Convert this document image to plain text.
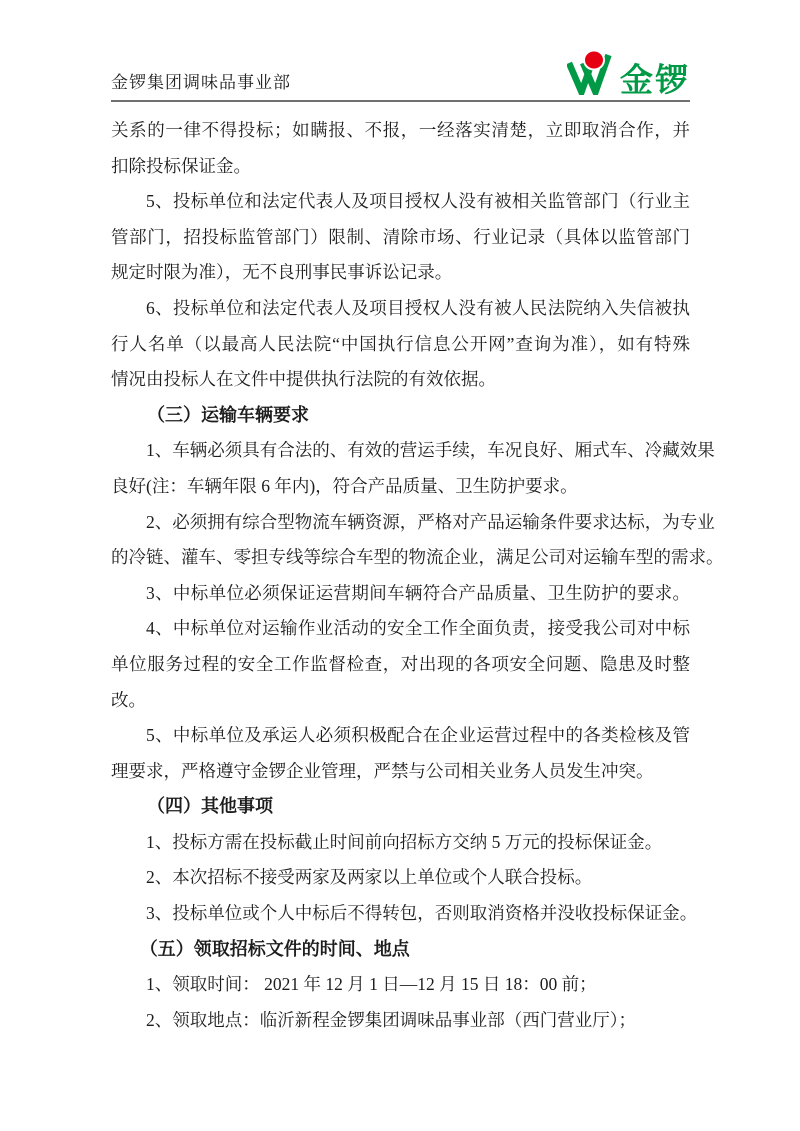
金锣集团调味品事业部	金锣
关系的一律不得投标；如瞒报、不报，一经落实清楚，立即取消合作，并
扣除投标保证金。
5、投标单位和法定代表人及项目授权人没有被相关监管部门（行业主
管部门，招投标监管部门）限制、清除市场、行业记录（具体以监管部门
规定时限为准），无不良刑事民事诉讼记录。
6、投标单位和法定代表人及项目授权人没有被人民法院纳入失信被执
行人名单（以最高人民法院“中国执行信息公开网”查询为准），如有特殊
情况由投标人在文件中提供执行法院的有效依据。
（三）运输车辆要求
1、车辆必须具有合法的、有效的营运手续，车况良好、厢式车、冷藏效果
良好(注：车辆年限 6 年内)，符合产品质量、卫生防护要求。
2、必须拥有综合型物流车辆资源，严格对产品运输条件要求达标，为专业
的冷链、灌车、零担专线等综合车型的物流企业，满足公司对运输车型的需求。
3、中标单位必须保证运营期间车辆符合产品质量、卫生防护的要求。
4、中标单位对运输作业活动的安全工作全面负责，接受我公司对中标
单位服务过程的安全工作监督检查，对出现的各项安全问题、隐患及时整
改。
5、中标单位及承运人必须积极配合在企业运营过程中的各类检核及管
理要求，严格遵守金锣企业管理，严禁与公司相关业务人员发生冲突。
（四）其他事项
1、投标方需在投标截止时间前向招标方交纳 5 万元的投标保证金。
2、本次招标不接受两家及两家以上单位或个人联合投标。
3、投标单位或个人中标后不得转包，否则取消资格并没收投标保证金。
（五）领取招标文件的时间、地点
1、领取时间： 2021 年 12 月 1 日—12 月 15 日 18：00 前；
2、领取地点：临沂新程金锣集团调味品事业部（西门营业厅）；
